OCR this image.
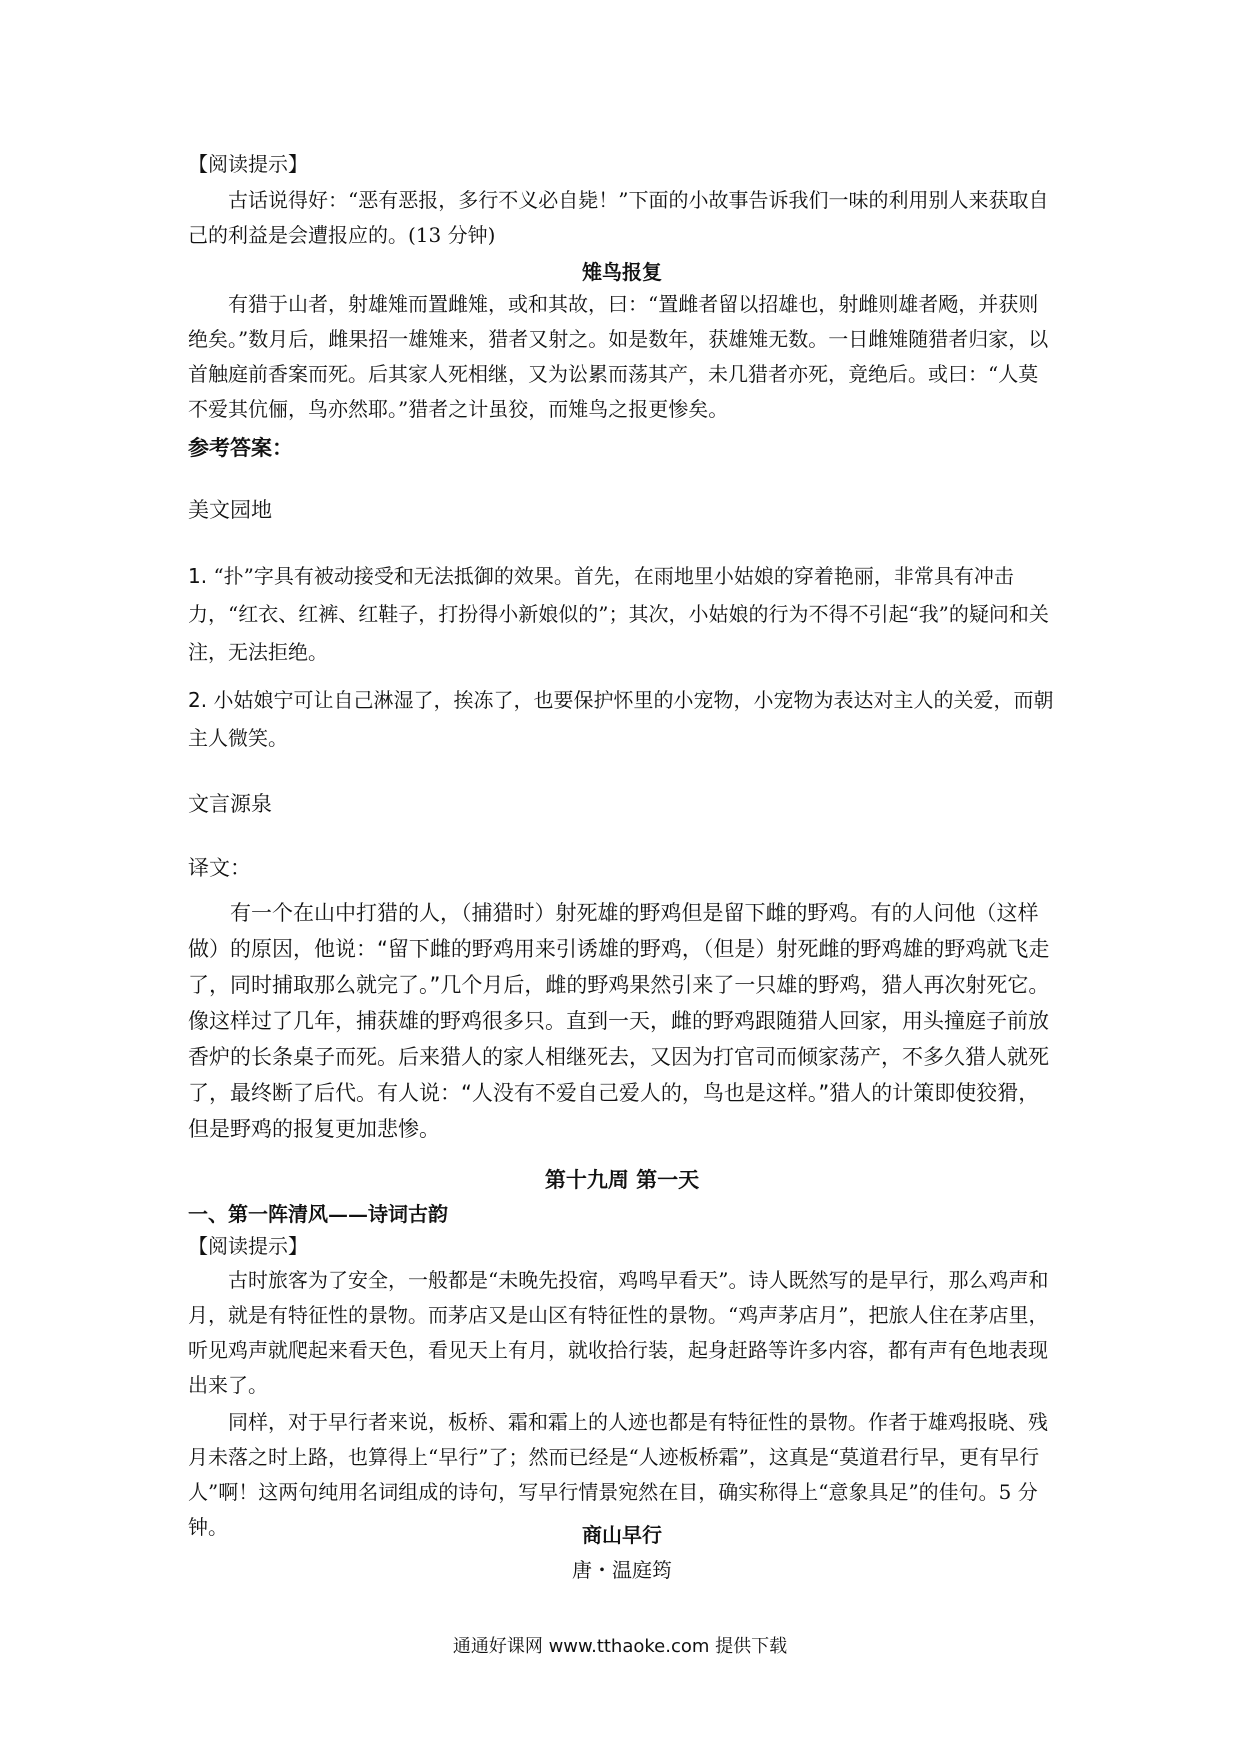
【阅读提示】

古话说得好：“恶有恶报，多行不义必自毙！”下面的小故事告诉我们一味的利用别人来获取自己的利益是会遭报应的。(13 分钟)

雉鸟报复

有猎于山者，射雄雉而置雌雉，或和其故，曰：“置雌者留以招雄也，射雌则雄者飏，并获则绝矣。”数月后，雌果招一雄雉来，猎者又射之。如是数年，获雄雉无数。一日雌雉随猎者归家，以首触庭前香案而死。后其家人死相继，又为讼累而荡其产，未几猎者亦死，竟绝后。或曰：“人莫不爱其伉俪，鸟亦然耶。”猎者之计虽狡，而雉鸟之报更惨矣。

参考答案：

美文园地

1. “扑”字具有被动接受和无法抵御的效果。首先，在雨地里小姑娘的穿着艳丽，非常具有冲击力，“红衣、红裤、红鞋子，打扮得小新娘似的”；其次，小姑娘的行为不得不引起“我”的疑问和关注，无法拒绝。
2. 小姑娘宁可让自己淋湿了，挨冻了，也要保护怀里的小宠物，小宠物为表达对主人的关爱，而朝主人微笑。

文言源泉

译文：

有一个在山中打猎的人，（捕猎时）射死雄的野鸡但是留下雌的野鸡。有的人问他（这样做）的原因，他说：“留下雌的野鸡用来引诱雄的野鸡，（但是）射死雌的野鸡雄的野鸡就飞走了，同时捕取那么就完了。”几个月后，雌的野鸡果然引来了一只雄的野鸡，猎人再次射死它。像这样过了几年，捕获雄的野鸡很多只。直到一天，雌的野鸡跟随猎人回家，用头撞庭子前放香炉的长条桌子而死。后来猎人的家人相继死去，又因为打官司而倾家荡产，不多久猎人就死了，最终断了后代。有人说：“人没有不爱自己爱人的，鸟也是这样。”猎人的计策即使狡猾，但是野鸡的报复更加悲惨。

第十九周 第一天

一、第一阵清风——诗词古韵

【阅读提示】

古时旅客为了安全，一般都是“未晚先投宿，鸡鸣早看天”。诗人既然写的是早行，那么鸡声和月，就是有特征性的景物。而茅店又是山区有特征性的景物。“鸡声茅店月”，把旅人住在茅店里，听见鸡声就爬起来看天色，看见天上有月，就收拾行装，起身赶路等许多内容，都有声有色地表现出来了。

同样，对于早行者来说，板桥、霜和霜上的人迹也都是有特征性的景物。作者于雄鸡报晓、残月未落之时上路，也算得上“早行”了；然而已经是“人迹板桥霜”，这真是“莫道君行早，更有早行人”啊！这两句纯用名词组成的诗句，写早行情景宛然在目，确实称得上“意象具足”的佳句。5 分钟。	商山早行

唐・温庭筠

通通好课网 www.tthaoke.com 提供下载
